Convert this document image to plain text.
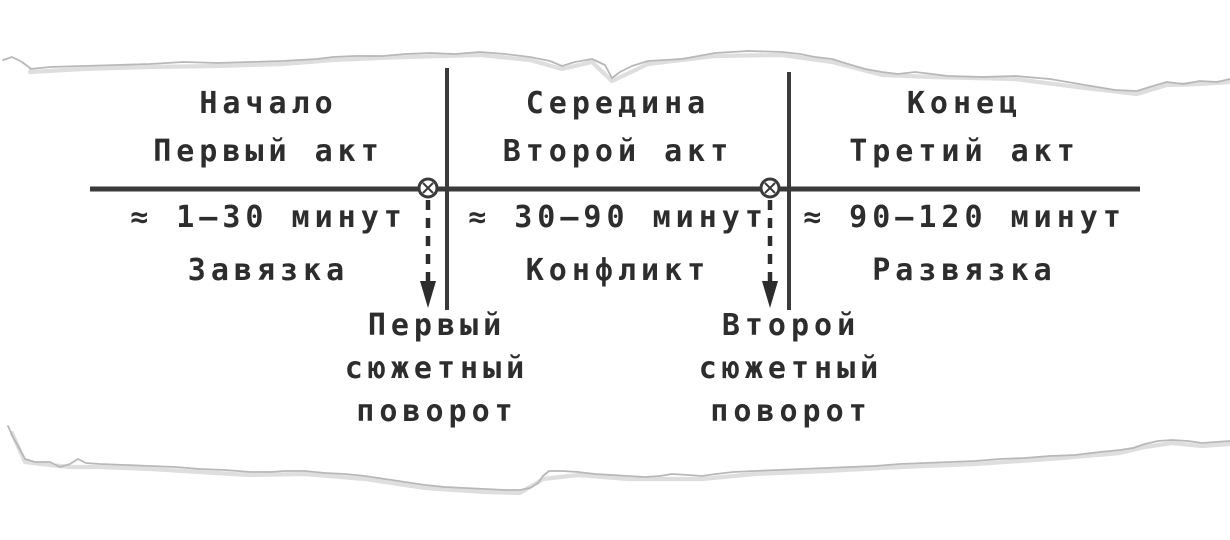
Начало
Первый акт
≈ 1–30 минут
Завязка
Середина
Второй акт
≈ 30–90 минут
Конфликт
Конец
Третий акт
≈ 90–120 минут
Развязка
Первый
сюжетный
поворот
Второй
сюжетный
поворот
